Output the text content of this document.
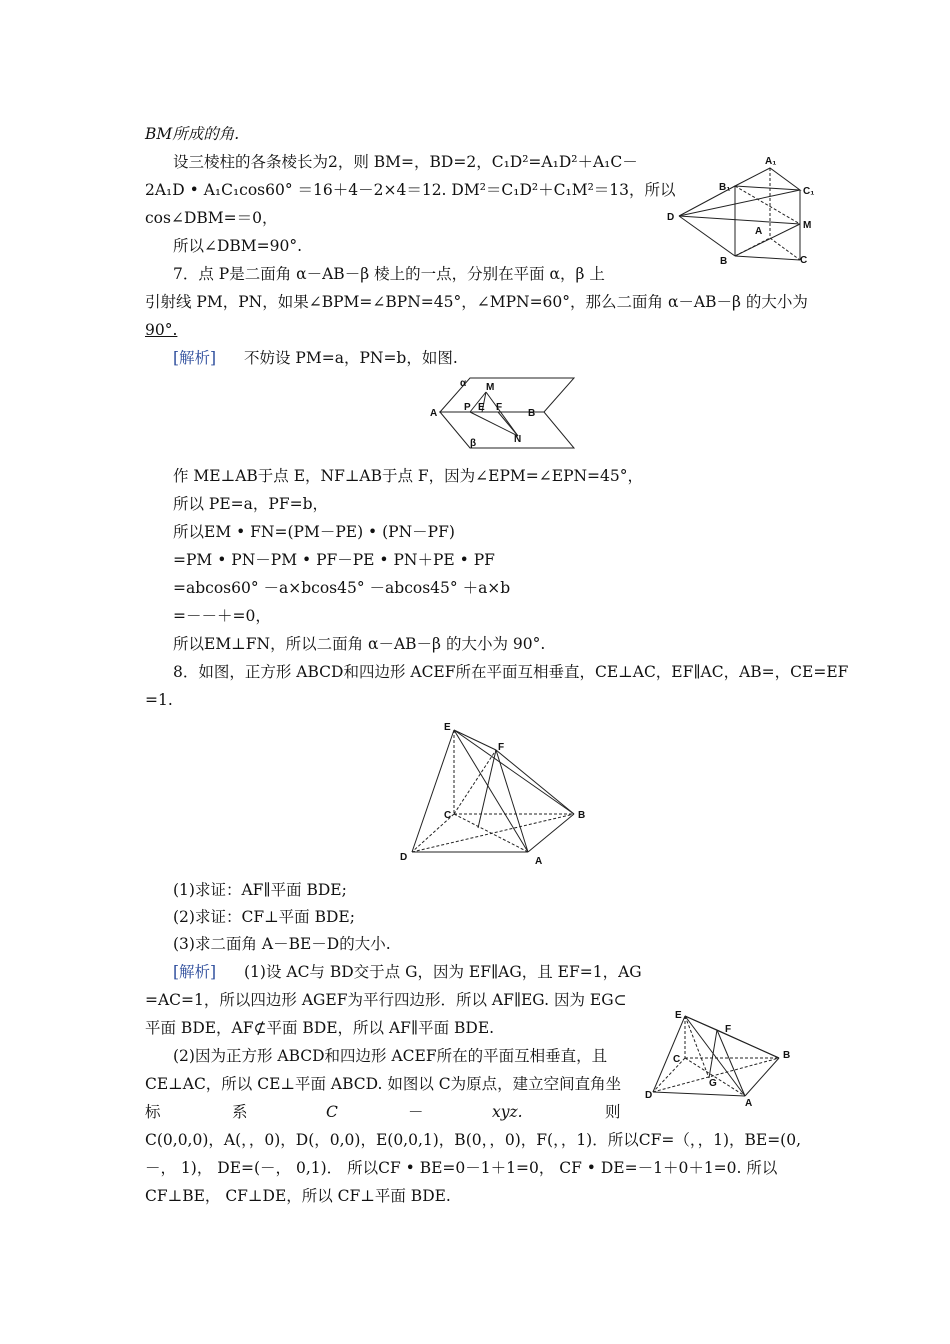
BM所成的角.
设三棱柱的各条棱长为2，则 BM=，BD=2，C₁D²=A₁D²＋A₁C－
2A₁D • A₁C₁cos60° ＝16＋4－2×4＝12. DM²＝C₁D²＋C₁M²＝13，所以
cos∠DBM=＝0，
所以∠DBM=90°.
7．点 P是二面角 α－AB－β 棱上的一点，分别在平面 α，β 上
引射线 PM，PN，如果∠BPM=∠BPN=45°，∠MPN=60°，那么二面角 α－AB－β 的大小为
90°.
[解析] 不妨设 PM=a，PN=b，如图.
作 ME⊥AB于点 E，NF⊥AB于点 F，因为∠EPM=∠EPN=45°，
所以 PE=a，PF=b，
所以EM • FN=(PM－PE) • (PN－PF)
=PM • PN－PM • PF－PE • PN＋PE • PF
=abcos60° －a×bcos45° －abcos45° ＋a×b
=－－＋=0，
所以EM⊥FN，所以二面角 α－AB－β 的大小为 90°.
8．如图，正方形 ABCD和四边形 ACEF所在平面互相垂直，CE⊥AC，EF∥AC，AB=，CE=EF
=1.
(1)求证：AF∥平面 BDE;
(2)求证：CF⊥平面 BDE;
(3)求二面角 A－BE－D的大小.
[解析] (1)设 AC与 BD交于点 G，因为 EF∥AG，且 EF=1，AG
=AC=1，所以四边形 AGEF为平行四边形．所以 AF∥EG. 因为 EG⊂
平面 BDE，AF⊄平面 BDE，所以 AF∥平面 BDE.
(2)因为正方形 ABCD和四边形 ACEF所在的平面互相垂直，且
CE⊥AC，所以 CE⊥平面 ABCD. 如图以 C为原点，建立空间直角坐
标	系	C	－	xyz.	则
C(0,0,0)，A(，，0)，D(，0,0)，E(0,0,1)，B(0，，0)，F(，，1)．所以CF=（，，1)，BE=(0,
－， 1)， DE=(－， 0,1)． 所以CF • BE=0－1＋1=0， CF • DE=－1＋0＋1=0. 所以
CF⊥BE， CF⊥DE，所以 CF⊥平面 BDE.
A₁
B₁	C₁
D
M
A
B	C
α M
A
P E F
B
N
β
E
F
C	B
D	A
E
F
C	B
G
D
A
